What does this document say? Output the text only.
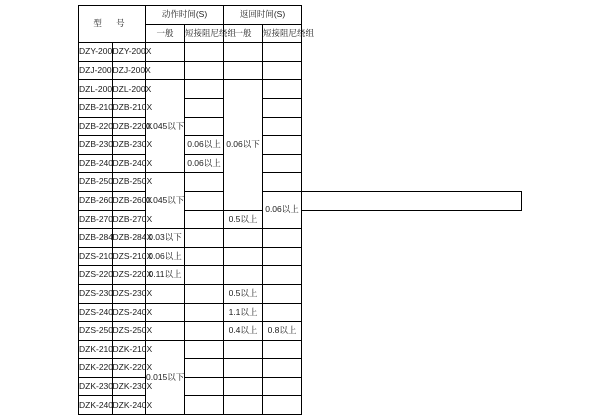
型 号		动作时间(S)		返回时间(S)		
		一般	短接阻尼绕组	一般	短接阻尼绕组	
DZY-200	DZY-200X					
DZJ-200	DZJ-200X					
DZL-200	DZL-200X	0.045以下		0.06以下		
DZB-210	DZB-210X					
DZB-220	DZB-220X					
DZB-230	DZB-230X		0.06以上			
DZB-240	DZB-240X		0.06以上			
DZB-250	DZB-250X	0.045以下				
DZB-260	DZB-260X				0.06以上	
DZB-270	DZB-270X			0.5以上		
DZB-284	DZB-284X	0.03以下				
DZS-210	DZS-210X	0.06以上				
DZS-220	DZS-220X	0.11以上				
DZS-230	DZS-230X			0.5以上		
DZS-240	DZS-240X			1.1以上		
DZS-250	DZS-250X			0.4以上	0.8以上	
DZK-210	DZK-210X	0.015以下				
DZK-220	DZK-220X					
DZK-230	DZK-230X					
DZK-240	DZK-240X					
